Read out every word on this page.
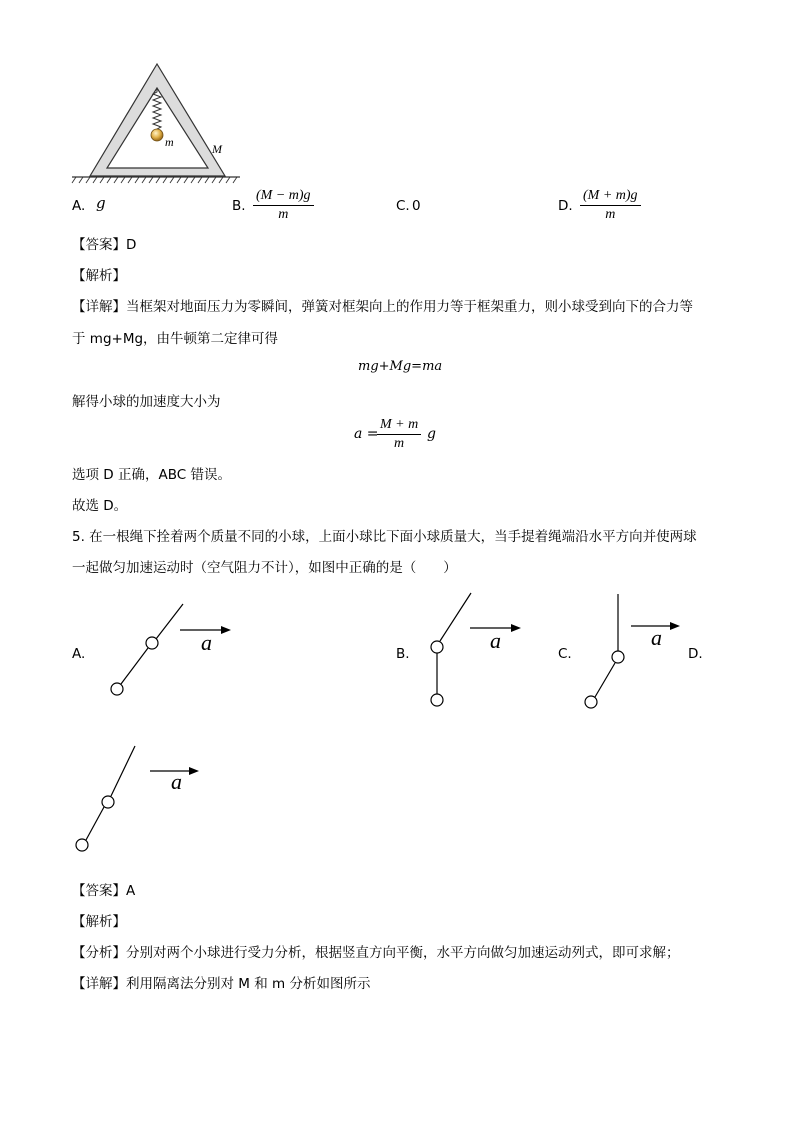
m	M
A. g	B. $\frac{(M - m)g}{m}$	C. 0	D. $\frac{(M + m)g}{m}$
【答案】D
【解析】
【详解】当框架对地面压力为零瞬间，弹簧对框架向上的作用力等于框架重力，则小球受到向下的合力等
于 mg+Mg，由牛顿第二定律可得
mg+Mg=ma
解得小球的加速度大小为
a =
$\frac{M + m}{m}$ g
选项 D 正确，ABC 错误。
故选 D。
5. 在一根绳下拴着两个质量不同的小球，上面小球比下面小球质量大，当手提着绳端沿水平方向并使两球
一起做匀加速运动时（空气阻力不计），如图中正确的是（　　）
A.	B.	C.	D.
a	a	a
a
【答案】A
【解析】
【分析】分别对两个小球进行受力分析，根据竖直方向平衡，水平方向做匀加速运动列式，即可求解；
【详解】利用隔离法分别对 M 和 m 分析如图所示
